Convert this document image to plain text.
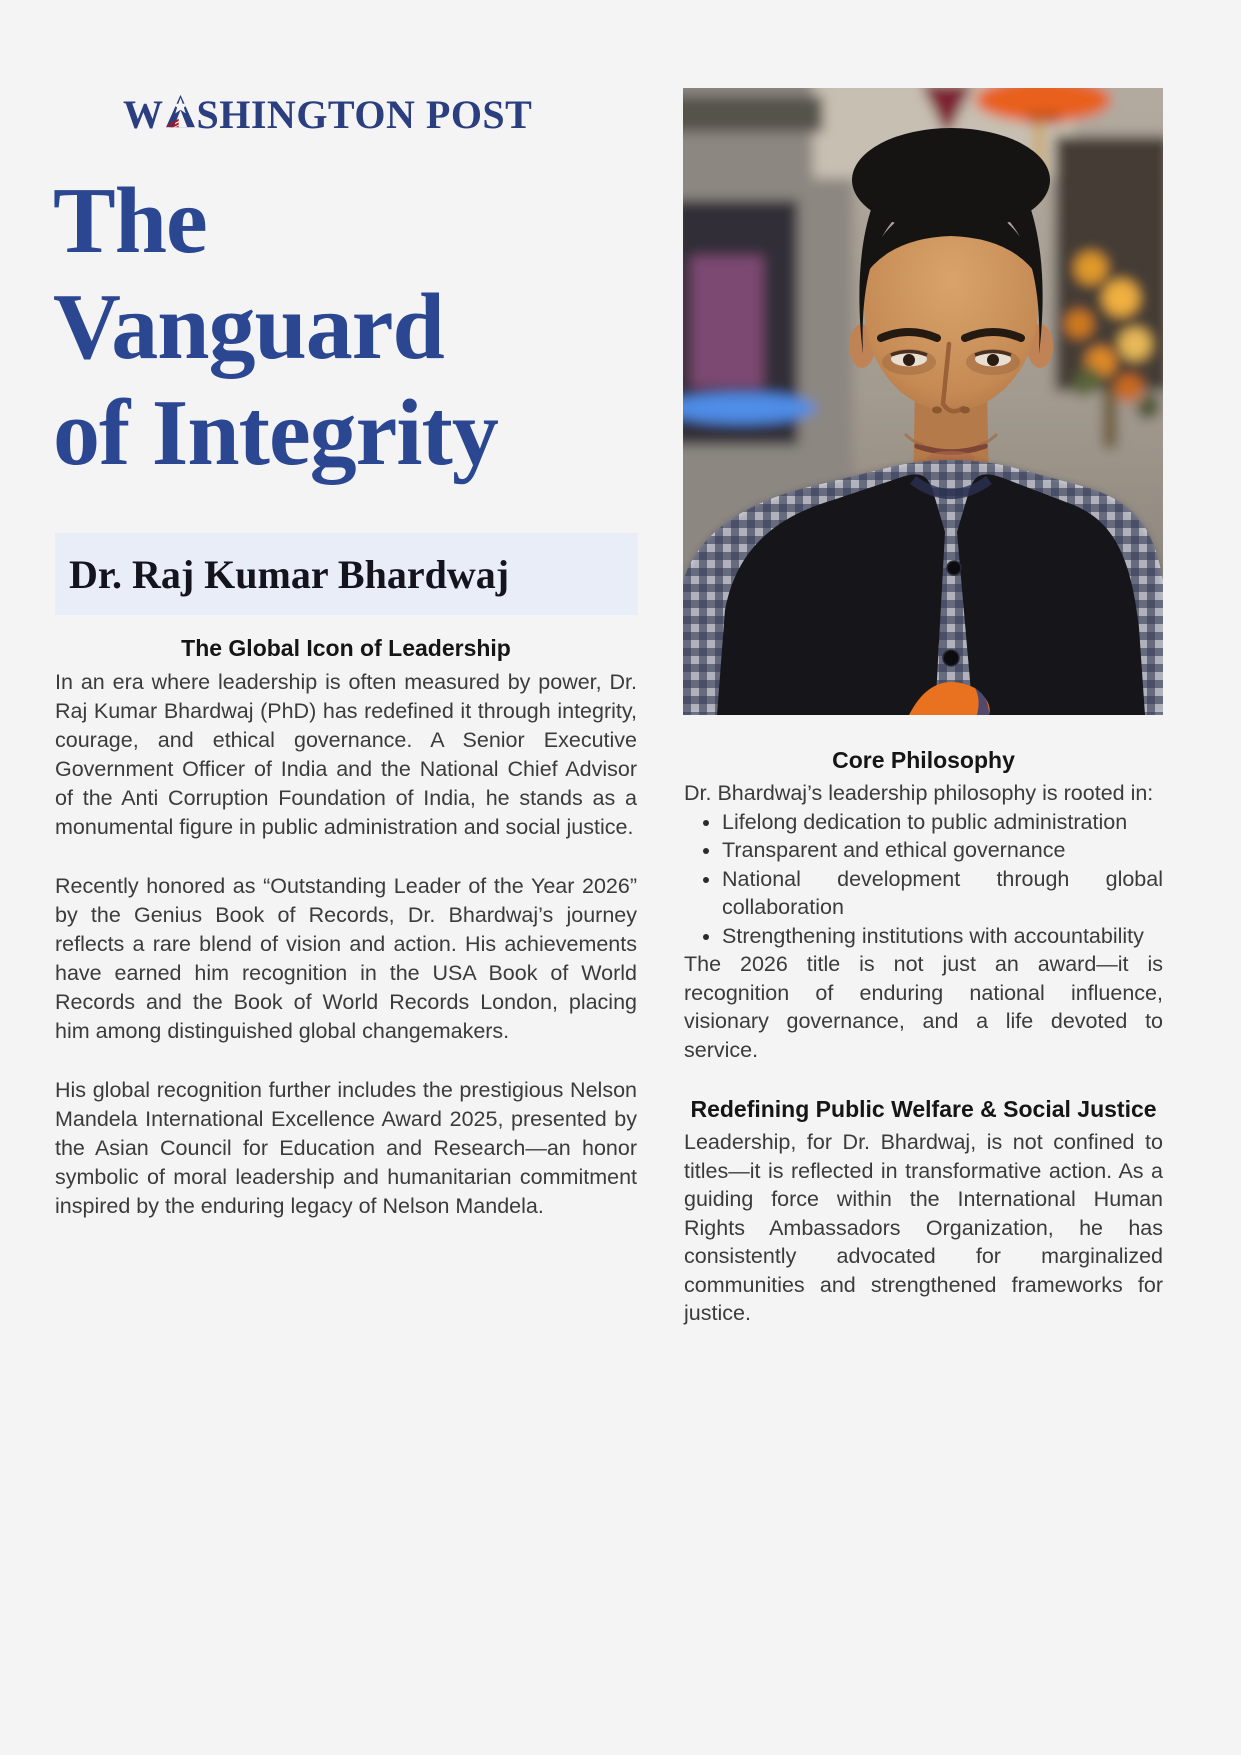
W SHINGTON POST
The
Vanguard
of Integrity
Dr. Raj Kumar Bhardwaj
The Global Icon of Leadership

In an era where leadership is often measured by power, Dr. Raj Kumar Bhardwaj (PhD) has redefined it through integrity, courage, and ethical governance. A Senior Executive Government Officer of India and the National Chief Advisor of the Anti Corruption Foundation of India, he stands as a monumental figure in public administration and social justice.

Recently honored as “Outstanding Leader of the Year 2026” by the Genius Book of Records, Dr. Bhardwaj’s journey reflects a rare blend of vision and action. His achievements have earned him recognition in the USA Book of World Records and the Book of World Records London, placing him among distinguished global changemakers.

His global recognition further includes the prestigious Nelson Mandela International Excellence Award 2025, presented by the Asian Council for Education and Research—an honor symbolic of moral leadership and humanitarian commitment inspired by the enduring legacy of Nelson Mandela.

Core Philosophy

Dr. Bhardwaj’s leadership philosophy is rooted in:

• Lifelong dedication to public administration
• Transparent and ethical governance
• National development through global collaboration
• Strengthening institutions with accountability

The 2026 title is not just an award—it is recognition of enduring national influence, visionary governance, and a life devoted to service.

Redefining Public Welfare & Social Justice

Leadership, for Dr. Bhardwaj, is not confined to titles—it is reflected in transformative action. As a guiding force within the International Human Rights Ambassadors Organization, he has consistently advocated for marginalized communities and strengthened frameworks for justice.
